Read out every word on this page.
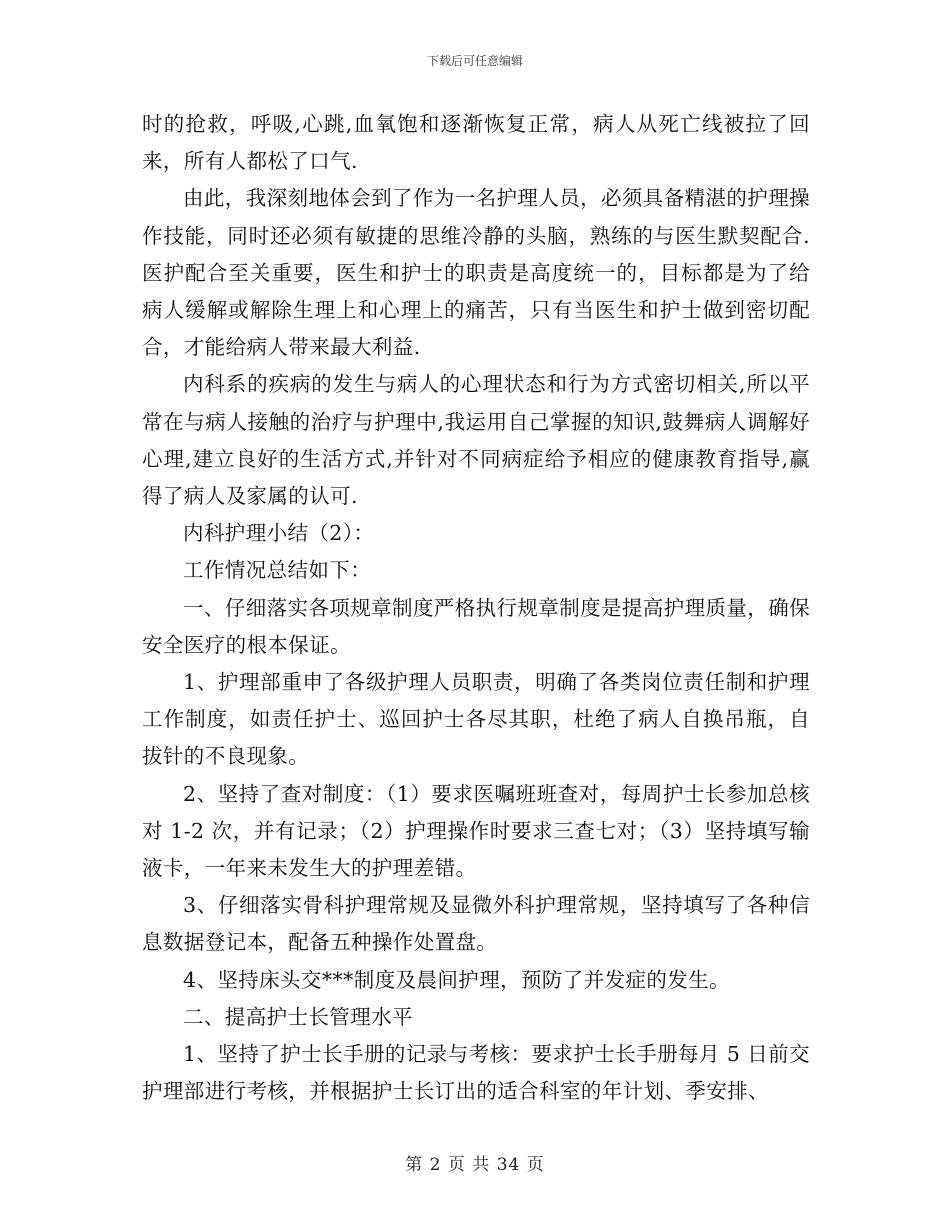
下载后可任意编辑

时的抢救，呼吸,心跳,血氧饱和逐渐恢复正常，病人从死亡线被拉了回来，所有人都松了口气.

由此，我深刻地体会到了作为一名护理人员，必须具备精湛的护理操作技能，同时还必须有敏捷的思维冷静的头脑，熟练的与医生默契配合. 医护配合至关重要，医生和护士的职责是高度统一的，目标都是为了给病人缓解或解除生理上和心理上的痛苦，只有当医生和护士做到密切配合，才能给病人带来最大利益.

内科系的疾病的发生与病人的心理状态和行为方式密切相关,所以平常在与病人接触的治疗与护理中,我运用自己掌握的知识,鼓舞病人调解好心理,建立良好的生活方式,并针对不同病症给予相应的健康教育指导,赢得了病人及家属的认可.

内科护理小结（2）：

工作情况总结如下：

一、仔细落实各项规章制度严格执行规章制度是提高护理质量，确保安全医疗的根本保证。

1、护理部重申了各级护理人员职责，明确了各类岗位责任制和护理工作制度，如责任护士、巡回护士各尽其职，杜绝了病人自换吊瓶，自拔针的不良现象。

2、坚持了查对制度：（1）要求医嘱班班查对，每周护士长参加总核对 1-2 次，并有记录；（2）护理操作时要求三查七对；（3）坚持填写输液卡，一年来未发生大的护理差错。

3、仔细落实骨科护理常规及显微外科护理常规，坚持填写了各种信息数据登记本，配备五种操作处置盘。

4、坚持床头交***制度及晨间护理，预防了并发症的发生。

二、提高护士长管理水平

1、坚持了护士长手册的记录与考核：要求护士长手册每月 5 日前交护理部进行考核，并根据护士长订出的适合科室的年计划、季安排、

第 2 页 共 34 页
